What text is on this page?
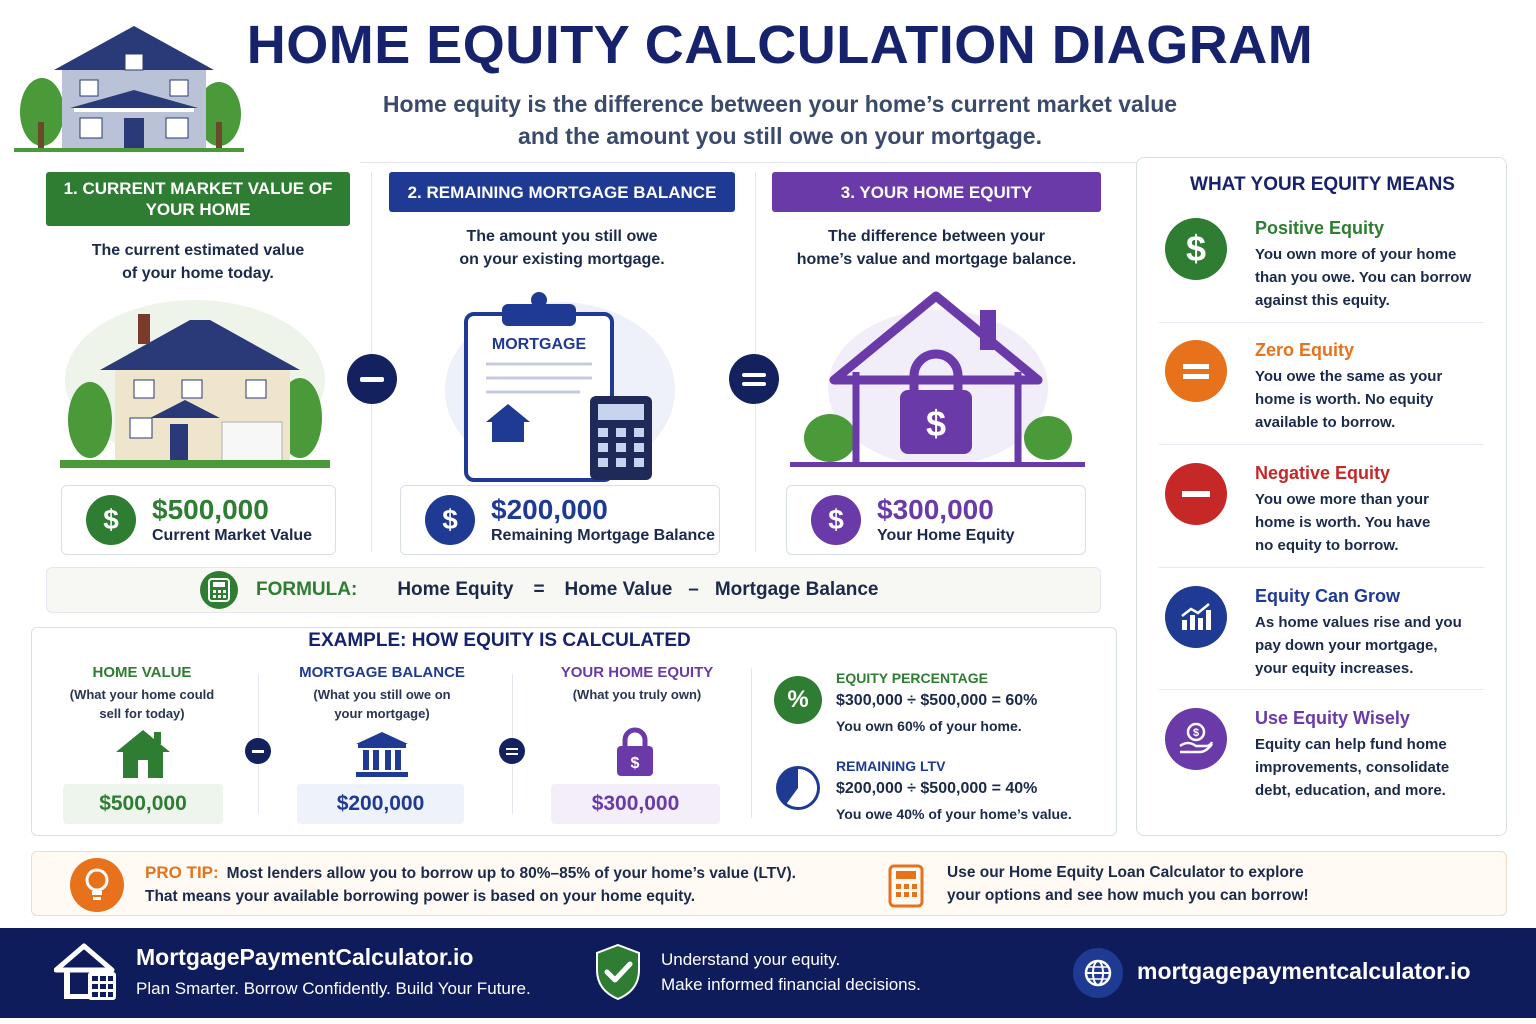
HOME EQUITY CALCULATION DIAGRAM
Home equity is the difference between your home’s current market value
and the amount you still owe on your mortgage.
1. CURRENT MARKET VALUE OF YOUR HOME
The current estimated value
of your home today.
$	$500,000
Current Market Value
2. REMAINING MORTGAGE BALANCE
The amount you still owe
on your existing mortgage.
MORTGAGE
$	$200,000
Remaining Mortgage Balance
3. YOUR HOME EQUITY
The difference between your
home’s value and mortgage balance.
$
$	$300,000
Your Home Equity
FORMULA: Home Equity = Home Value – Mortgage Balance
EXAMPLE: HOW EQUITY IS CALCULATED
HOME VALUE
(What your home could
sell for today)
$500,000
MORTGAGE BALANCE
(What you still owe on
your mortgage)
$200,000
YOUR HOME EQUITY
(What you truly own)
$
$300,000
%
EQUITY PERCENTAGE
$300,000 ÷ $500,000 = 60%
You own 60% of your home.
REMAINING LTV
$200,000 ÷ $500,000 = 40%
You owe 40% of your home’s value.
WHAT YOUR EQUITY MEANS
$	Positive Equity
You own more of your home
than you owe. You can borrow
against this equity.
Zero Equity
You owe the same as your
home is worth. No equity
available to borrow.
Negative Equity
You owe more than your
home is worth. You have
no equity to borrow.
Equity Can Grow
As home values rise and you
pay down your mortgage,
your equity increases.
$
Use Equity Wisely
Equity can help fund home
improvements, consolidate
debt, education, and more.
PRO TIP: Most lenders allow you to borrow up to 80%–85% of your home’s value (LTV).
That means your available borrowing power is based on your home equity.
Use our Home Equity Loan Calculator to explore
your options and see how much you can borrow!
MortgagePaymentCalculator.io
Plan Smarter. Borrow Confidently. Build Your Future.
Understand your equity.
Make informed financial decisions.
mortgagepaymentcalculator.io
